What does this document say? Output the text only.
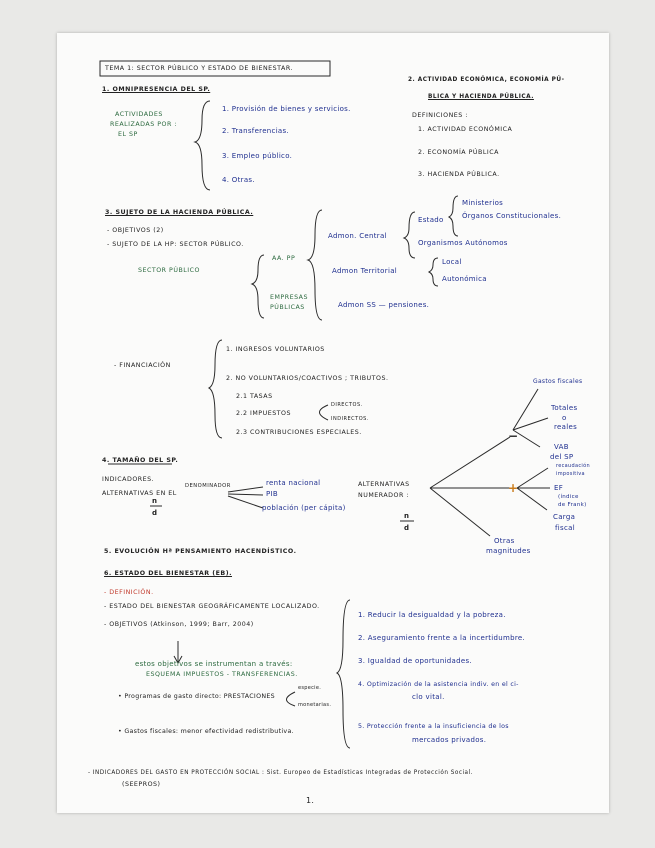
TEMA 1: SECTOR PÚBLICO Y ESTADO DE BIENESTAR.
1. OMNIPRESENCIA DEL SP.
ACTIVIDADES
REALIZADAS POR :
EL SP
1. Provisión de bienes y servicios.
2. Transferencias.
3. Empleo público.
4. Otras.
2. ACTIVIDAD ECONÓMICA, ECONOMÍA PÚ-
BLICA Y HACIENDA PÚBLICA.
DEFINICIONES :
1. ACTIVIDAD ECONÓMICA
2. ECONOMÍA PÚBLICA
3. HACIENDA PÚBLICA.
3. SUJETO DE LA HACIENDA PÚBLICA.
- OBJETIVOS (2)
- SUJETO DE LA HP: SECTOR PÚBLICO.
SECTOR PÚBLICO
AA. PP
EMPRESAS
PÚBLICAS
Admon. Central
Admon Territorial
Admon SS — pensiones.
Estado
Ministerios
Órganos Constitucionales.
Organismos Autónomos
Local
Autonómica
- FINANCIACIÓN
1. INGRESOS VOLUNTARIOS
2. NO VOLUNTARIOS/COACTIVOS ; TRIBUTOS.
2.1 TASAS
2.2 IMPUESTOS
DIRECTOS.
INDIRECTOS.
2.3 CONTRIBUCIONES ESPECIALES.
4. TAMAÑO DEL SP.
INDICADORES.
ALTERNATIVAS EN EL
DENOMINADOR	renta nacional
PIB
población (per cápita)
n
d
ALTERNATIVAS
NUMERADOR :
n
d
−
+
Gastos fiscales
Totales
o
reales
VAB
del SP
recaudación
impositiva
EF
(índice
de Frank)
Carga
fiscal
Otras
magnitudes
5. EVOLUCIÓN Hª PENSAMIENTO HACENDÍSTICO.
6. ESTADO DEL BIENESTAR (EB).
- DEFINICIÓN.
- ESTADO DEL BIENESTAR GEOGRÁFICAMENTE LOCALIZADO.
- OBJETIVOS (Atkinson, 1999; Barr, 2004)
estos objetivos se instrumentan a través:
ESQUEMA IMPUESTOS - TRANSFERENCIAS.
• Programas de gasto directo: PRESTACIONES
especie.
monetarias.
• Gastos fiscales: menor efectividad redistributiva.
1. Reducir la desigualdad y la pobreza.
2. Aseguramiento frente a la incertidumbre.
3. Igualdad de oportunidades.
4. Optimización de la asistencia indiv. en el ci-
clo vital.
5. Protección frente a la insuficiencia de los
mercados privados.
- INDICADORES DEL GASTO EN PROTECCIÓN SOCIAL : Sist. Europeo de Estadísticas Integradas de Protección Social.
(SEEPROS)
1.
